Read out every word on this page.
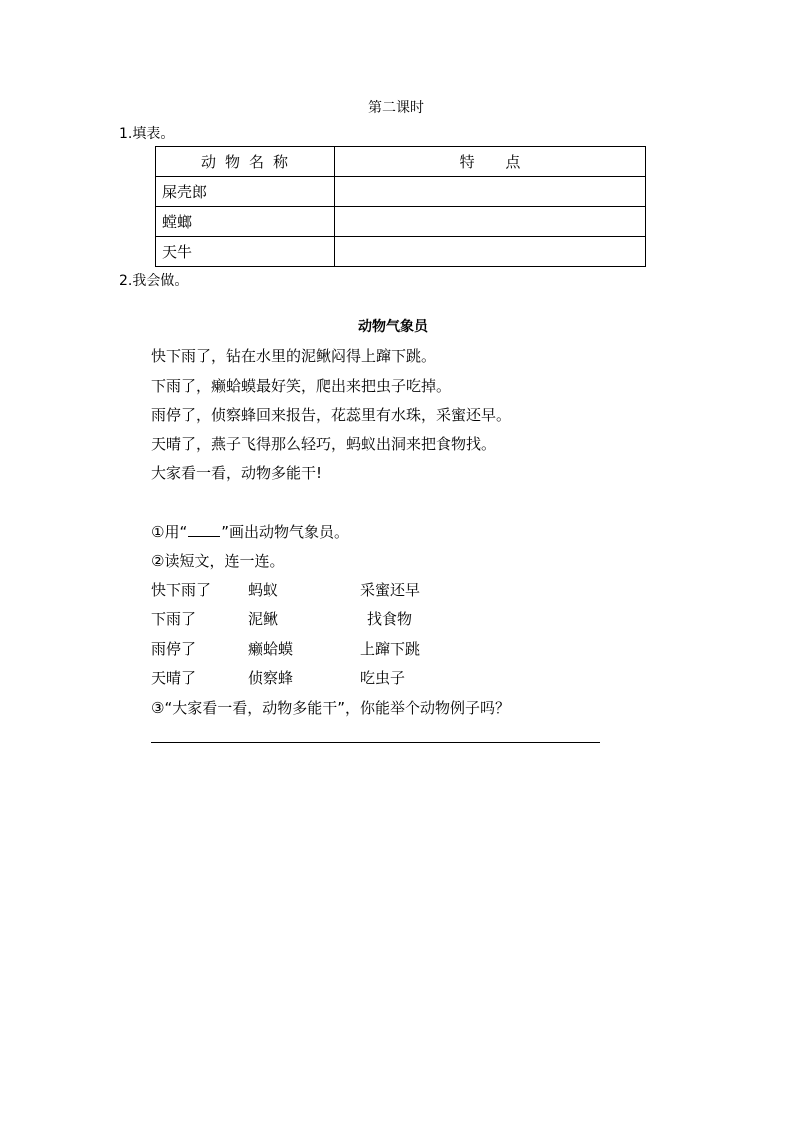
第二课时
1.填表。
动物名称	特 点
屎壳郎	
螳螂	
天牛	
2.我会做。
动物气象员
快下雨了，钻在水里的泥鳅闷得上蹿下跳。
下雨了，癞蛤蟆最好笑，爬出来把虫子吃掉。
雨停了，侦察蜂回来报告，花蕊里有水珠，采蜜还早。
天晴了，燕子飞得那么轻巧，蚂蚁出洞来把食物找。
大家看一看，动物多能干!
①用“ ”画出动物气象员。
②读短文，连一连。
快下雨了 蚂蚁	采蜜还早
下雨了	泥鳅	找食物
雨停了	癞蛤蟆	上蹿下跳
天晴了	侦察蜂	吃虫子
③“大家看一看，动物多能干”，你能举个动物例子吗？
